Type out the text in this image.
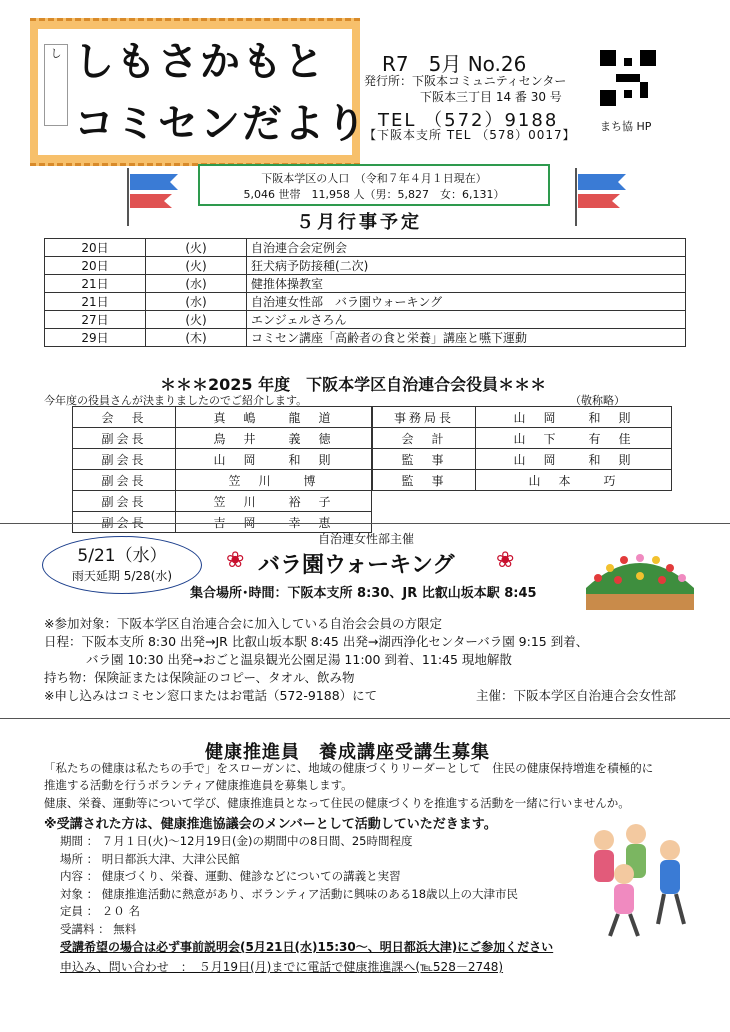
し しもさかもと
コミセンだより
R7　5月 No.26
発行所：下阪本コミュニティセンター
下阪本三丁目 14 番 30 号
TEL （572）9188
【下阪本支所 TEL （578）0017】
まち協 HP
下阪本学区の人口　（令和７年４月１日現在）
5,046 世帯　11,958 人（男：5,827　女：6,131）
５月行事予定
20日	(火)	自治連合会定例会
20日	(火)	狂犬病予防接種(二次)
21日	(水)	健推体操教室
21日	(水)	自治連女性部　バラ園ウォーキング
27日	(火)	エンジェルさろん
29日	(木)	コミセン講座「高齢者の食と栄養」講座と嚥下運動
＊＊＊2025 年度　下阪本学区自治連合会役員＊＊＊
今年度の役員さんが決まりましたのでご紹介します。	（敬称略）
会　長	真　嶋　　龍　道
副会長	鳥　井　　義　徳
副会長	山　岡　　和　則
副会長	笠　川　　博
副会長	笠　川　　裕　子
副会長	吉　岡　　幸　恵
事務局長	山　岡　　和　則
会　計	山　下　　有　佳
監　事	山　岡　　和　則
監　事	山　本　　巧
5/21（水）
雨天延期 5/28(水)
自治連女性部主催
❀ バラ園ウォーキング ❀
集合場所･時間：下阪本支所 8:30、JR 比叡山坂本駅 8:45
※参加対象：下阪本学区自治連合会に加入している自治会会員の方限定
日程：下阪本支所 8:30 出発→JR 比叡山坂本駅 8:45 出発→湖西浄化センターバラ園 9:15 到着、
バラ園 10:30 出発→おごと温泉観光公園足湯 11:00 到着、11:45 現地解散
持ち物：保険証または保険証のコピー、タオル、飲み物
※申し込みはコミセン窓口またはお電話（572-9188）にて	主催：下阪本学区自治連合会女性部
健康推進員　養成講座受講生募集
「私たちの健康は私たちの手で」をスローガンに、地域の健康づくりリーダーとして　住民の健康保持増進を積極的に
推進する活動を行うボランティア健康推進員を募集します。
健康、栄養、運動等について学び、健康推進員となって住民の健康づくりを推進する活動を一緒に行いませんか。
※受講された方は、健康推進協議会のメンバーとして活動していただきます。
期間 ： ７月１日(火)～12月19日(金)の期間中の8日間、25時間程度
場所 ： 明日都浜大津、大津公民館
内容 ： 健康づくり、栄養、運動、健診などについての講義と実習
対象 ： 健康推進活動に熱意があり、ボランティア活動に興味のある18歳以上の大津市民
定員 ： ２０ 名
受講料 ： 無料
受講希望の場合は必ず事前説明会(5月21日(水)15:30～、明日都浜大津)にご参加ください
申込み、問い合わせ　：　５月19日(月)までに電話で健康推進課へ(℡528－2748)
